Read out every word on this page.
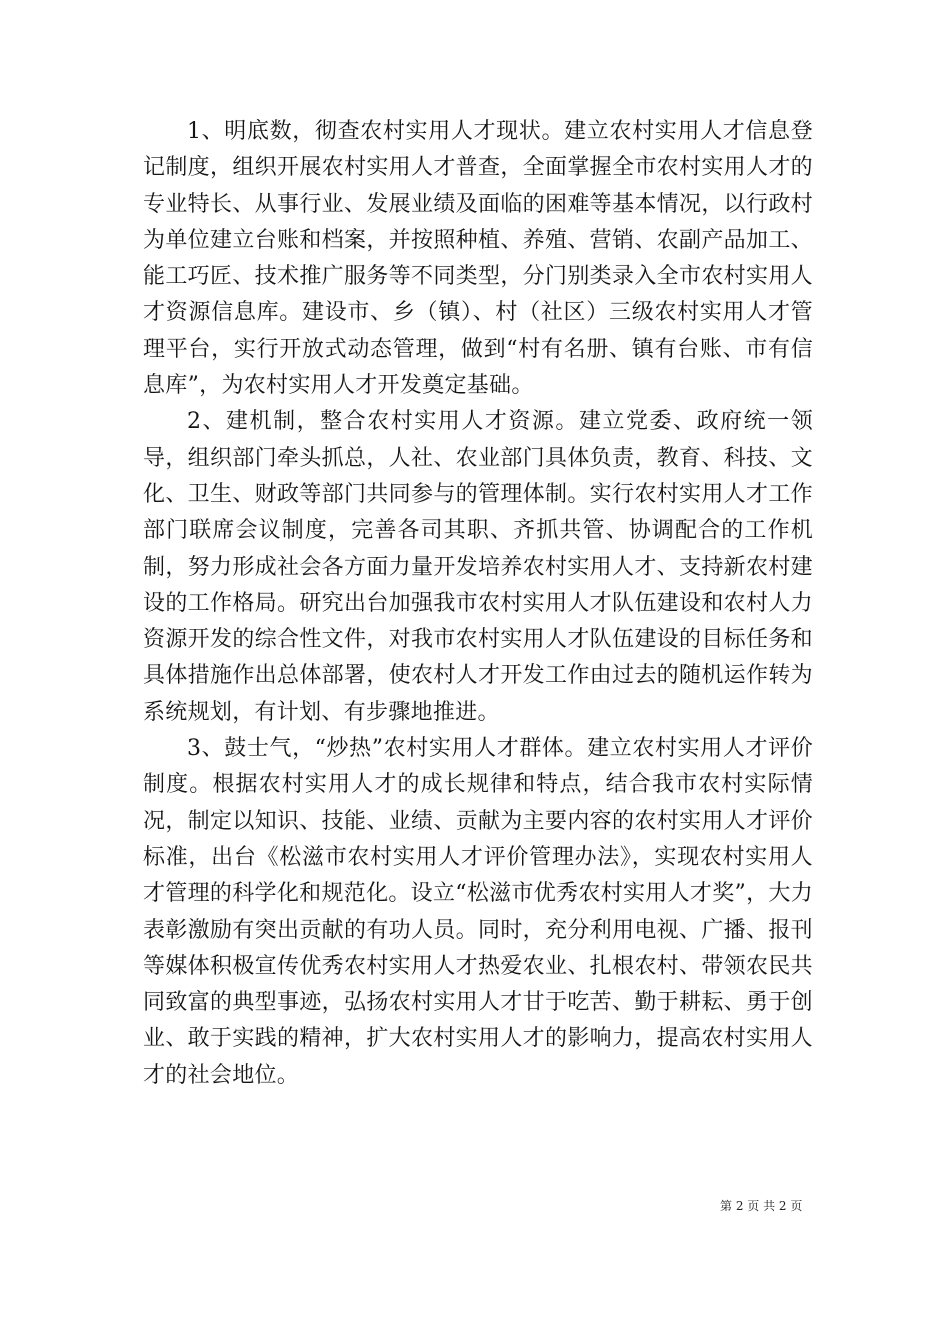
1、明底数，彻查农村实用人才现状。建立农村实用人才信息登记制度，组织开展农村实用人才普查，全面掌握全市农村实用人才的专业特长、从事行业、发展业绩及面临的困难等基本情况，以行政村为单位建立台账和档案，并按照种植、养殖、营销、农副产品加工、能工巧匠、技术推广服务等不同类型，分门别类录入全市农村实用人才资源信息库。建设市、乡（镇）、村（社区）三级农村实用人才管理平台，实行开放式动态管理，做到“村有名册、镇有台账、市有信息库”，为农村实用人才开发奠定基础。

2、建机制，整合农村实用人才资源。建立党委、政府统一领导，组织部门牵头抓总，人社、农业部门具体负责，教育、科技、文化、卫生、财政等部门共同参与的管理体制。实行农村实用人才工作部门联席会议制度，完善各司其职、齐抓共管、协调配合的工作机制，努力形成社会各方面力量开发培养农村实用人才、支持新农村建设的工作格局。研究出台加强我市农村实用人才队伍建设和农村人力资源开发的综合性文件，对我市农村实用人才队伍建设的目标任务和具体措施作出总体部署，使农村人才开发工作由过去的随机运作转为系统规划，有计划、有步骤地推进。

3、鼓士气，“炒热”农村实用人才群体。建立农村实用人才评价制度。根据农村实用人才的成长规律和特点，结合我市农村实际情况，制定以知识、技能、业绩、贡献为主要内容的农村实用人才评价标准，出台《松滋市农村实用人才评价管理办法》，实现农村实用人才管理的科学化和规范化。设立“松滋市优秀农村实用人才奖”，大力表彰激励有突出贡献的有功人员。同时，充分利用电视、广播、报刊等媒体积极宣传优秀农村实用人才热爱农业、扎根农村、带领农民共同致富的典型事迹，弘扬农村实用人才甘于吃苦、勤于耕耘、勇于创业、敢于实践的精神，扩大农村实用人才的影响力，提高农村实用人才的社会地位。

第 2 页 共 2 页
